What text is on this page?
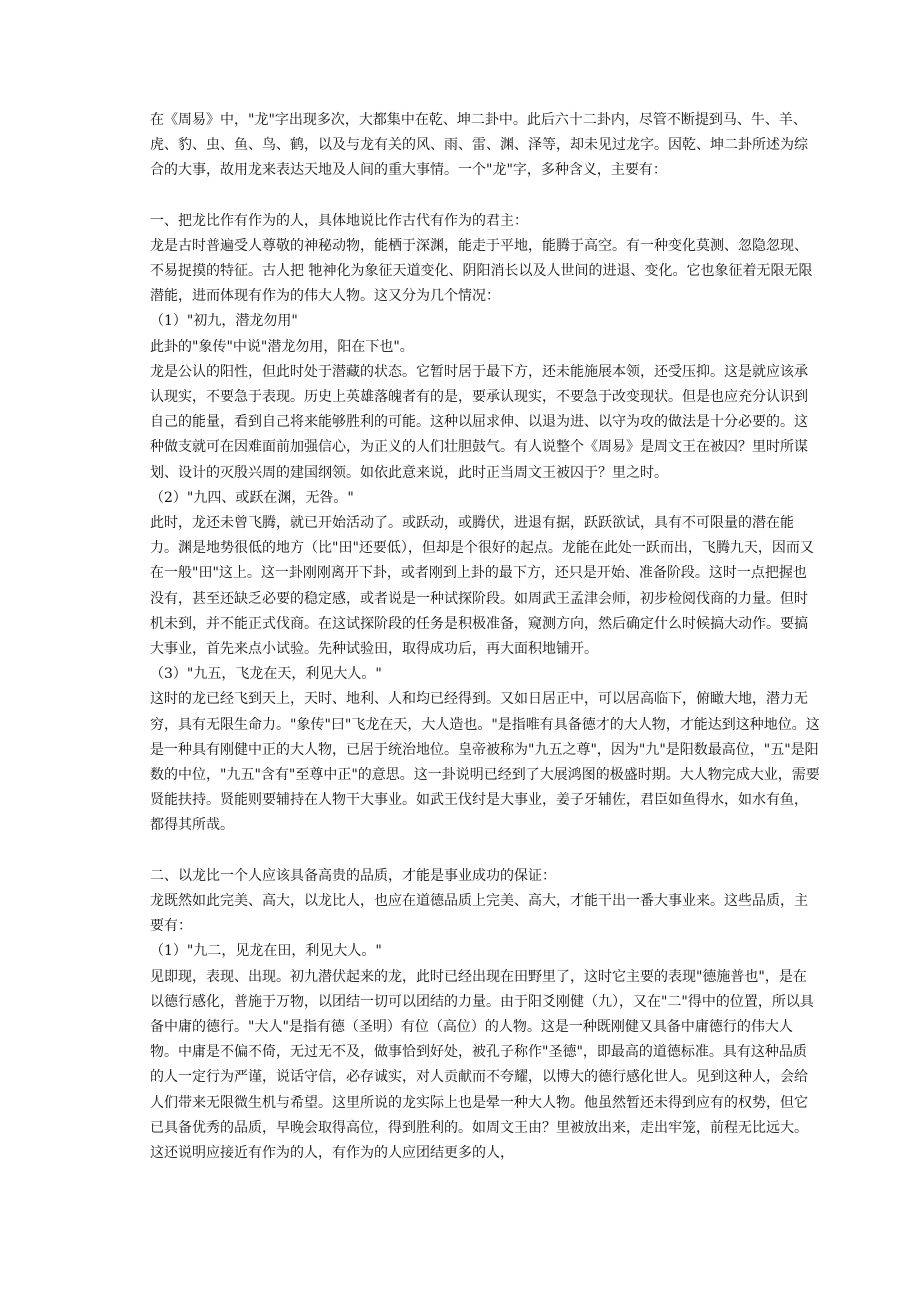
在《周易》中，"龙"字出现多次，大都集中在乾、坤二卦中。此后六十二卦内，尽管不断提到马、牛、羊、虎、豹、虫、鱼、鸟、鹤，以及与龙有关的风、雨、雷、渊、泽等，却未见过龙字。因乾、坤二卦所述为综合的大事，故用龙来表达天地及人间的重大事情。一个"龙"字，多种含义，主要有：

一、把龙比作有作为的人，具体地说比作古代有作为的君主：

龙是古时普遍受人尊敬的神秘动物，能栖于深渊，能走于平地，能腾于高空。有一种变化莫测、忽隐忽现、不易捉摸的特征。古人把 牠神化为象征天道变化、阴阳消长以及人世间的进退、变化。它也象征着无限无限潜能，进而体现有作为的伟大人物。这又分为几个情况：

（1）"初九，潜龙勿用"

此卦的"象传"中说"潜龙勿用，阳在下也"。

龙是公认的阳性，但此时处于潜藏的状态。它暂时居于最下方，还未能施展本领，还受压抑。这是就应该承认现实，不要急于表现。历史上英雄落魄者有的是，要承认现实，不要急于改变现状。但是也应充分认识到自己的能量，看到自己将来能够胜利的可能。这种以屈求伸、以退为进、以守为攻的做法是十分必要的。这种做支就可在因难面前加强信心，为正义的人们壮胆鼓气。有人说整个《周易》是周文王在被囚？里时所谋划、设计的灭殷兴周的建国纲领。如依此意来说，此时正当周文王被囚于？里之时。

（2）"九四、或跃在渊，无咎。"

此时，龙还未曾飞腾，就已开始活动了。或跃动，或腾伏，进退有据，跃跃欲试，具有不可限量的潜在能力。渊是地势很低的地方（比"田"还要低），但却是个很好的起点。龙能在此处一跃而出，飞腾九天，因而又在一般"田"这上。这一卦刚刚离开下卦，或者刚到上卦的最下方，还只是开始、准备阶段。这时一点把握也没有，甚至还缺乏必要的稳定感，或者说是一种试探阶段。如周武王孟津会师，初步检阅伐商的力量。但时机未到，并不能正式伐商。在这试探阶段的任务是积极准备，窥测方向，然后确定什么时候搞大动作。要搞大事业，首先来点小试验。先种试验田，取得成功后，再大面积地铺开。

（3）"九五，飞龙在天，利见大人。"

这时的龙已经飞到天上，天时、地利、人和均已经得到。又如日居正中，可以居高临下，俯瞰大地，潜力无穷，具有无限生命力。"象传"曰"飞龙在天，大人造也。"是指唯有具备德才的大人物，才能达到这种地位。这是一种具有刚健中正的大人物，已居于统治地位。皇帝被称为"九五之尊"，因为"九"是阳数最高位，"五"是阳数的中位，"九五"含有"至尊中正"的意思。这一卦说明已经到了大展鸿图的极盛时期。大人物完成大业，需要贤能扶持。贤能则要辅持在人物干大事业。如武王伐纣是大事业，姜子牙辅佐，君臣如鱼得水，如水有鱼，都得其所哉。

二、以龙比一个人应该具备高贵的品质，才能是事业成功的保证：

龙既然如此完美、高大，以龙比人，也应在道德品质上完美、高大，才能干出一番大事业来。这些品质，主要有：

（1）"九二，见龙在田，利见大人。"

见即现，表现、出现。初九潜伏起来的龙，此时已经出现在田野里了，这时它主要的表现"德施普也"，是在以德行感化，普施于万物，以团结一切可以团结的力量。由于阳爻刚健（九），又在"二"得中的位置，所以具备中庸的德行。"大人"是指有德（圣明）有位（高位）的人物。这是一种既刚健又具备中庸德行的伟大人物。中庸是不偏不倚，无过无不及，做事恰到好处，被孔子称作"圣德"，即最高的道德标准。具有这种品质的人一定行为严谨，说话守信，必存诚实，对人贡献而不夸耀，以博大的德行感化世人。见到这种人，会给人们带来无限微生机与希望。这里所说的龙实际上也是晕一种大人物。他虽然暂还未得到应有的权势，但它已具备优秀的品质，早晚会取得高位，得到胜利的。如周文王由？里被放出来，走出牢笼，前程无比远大。这还说明应接近有作为的人，有作为的人应团结更多的人，
